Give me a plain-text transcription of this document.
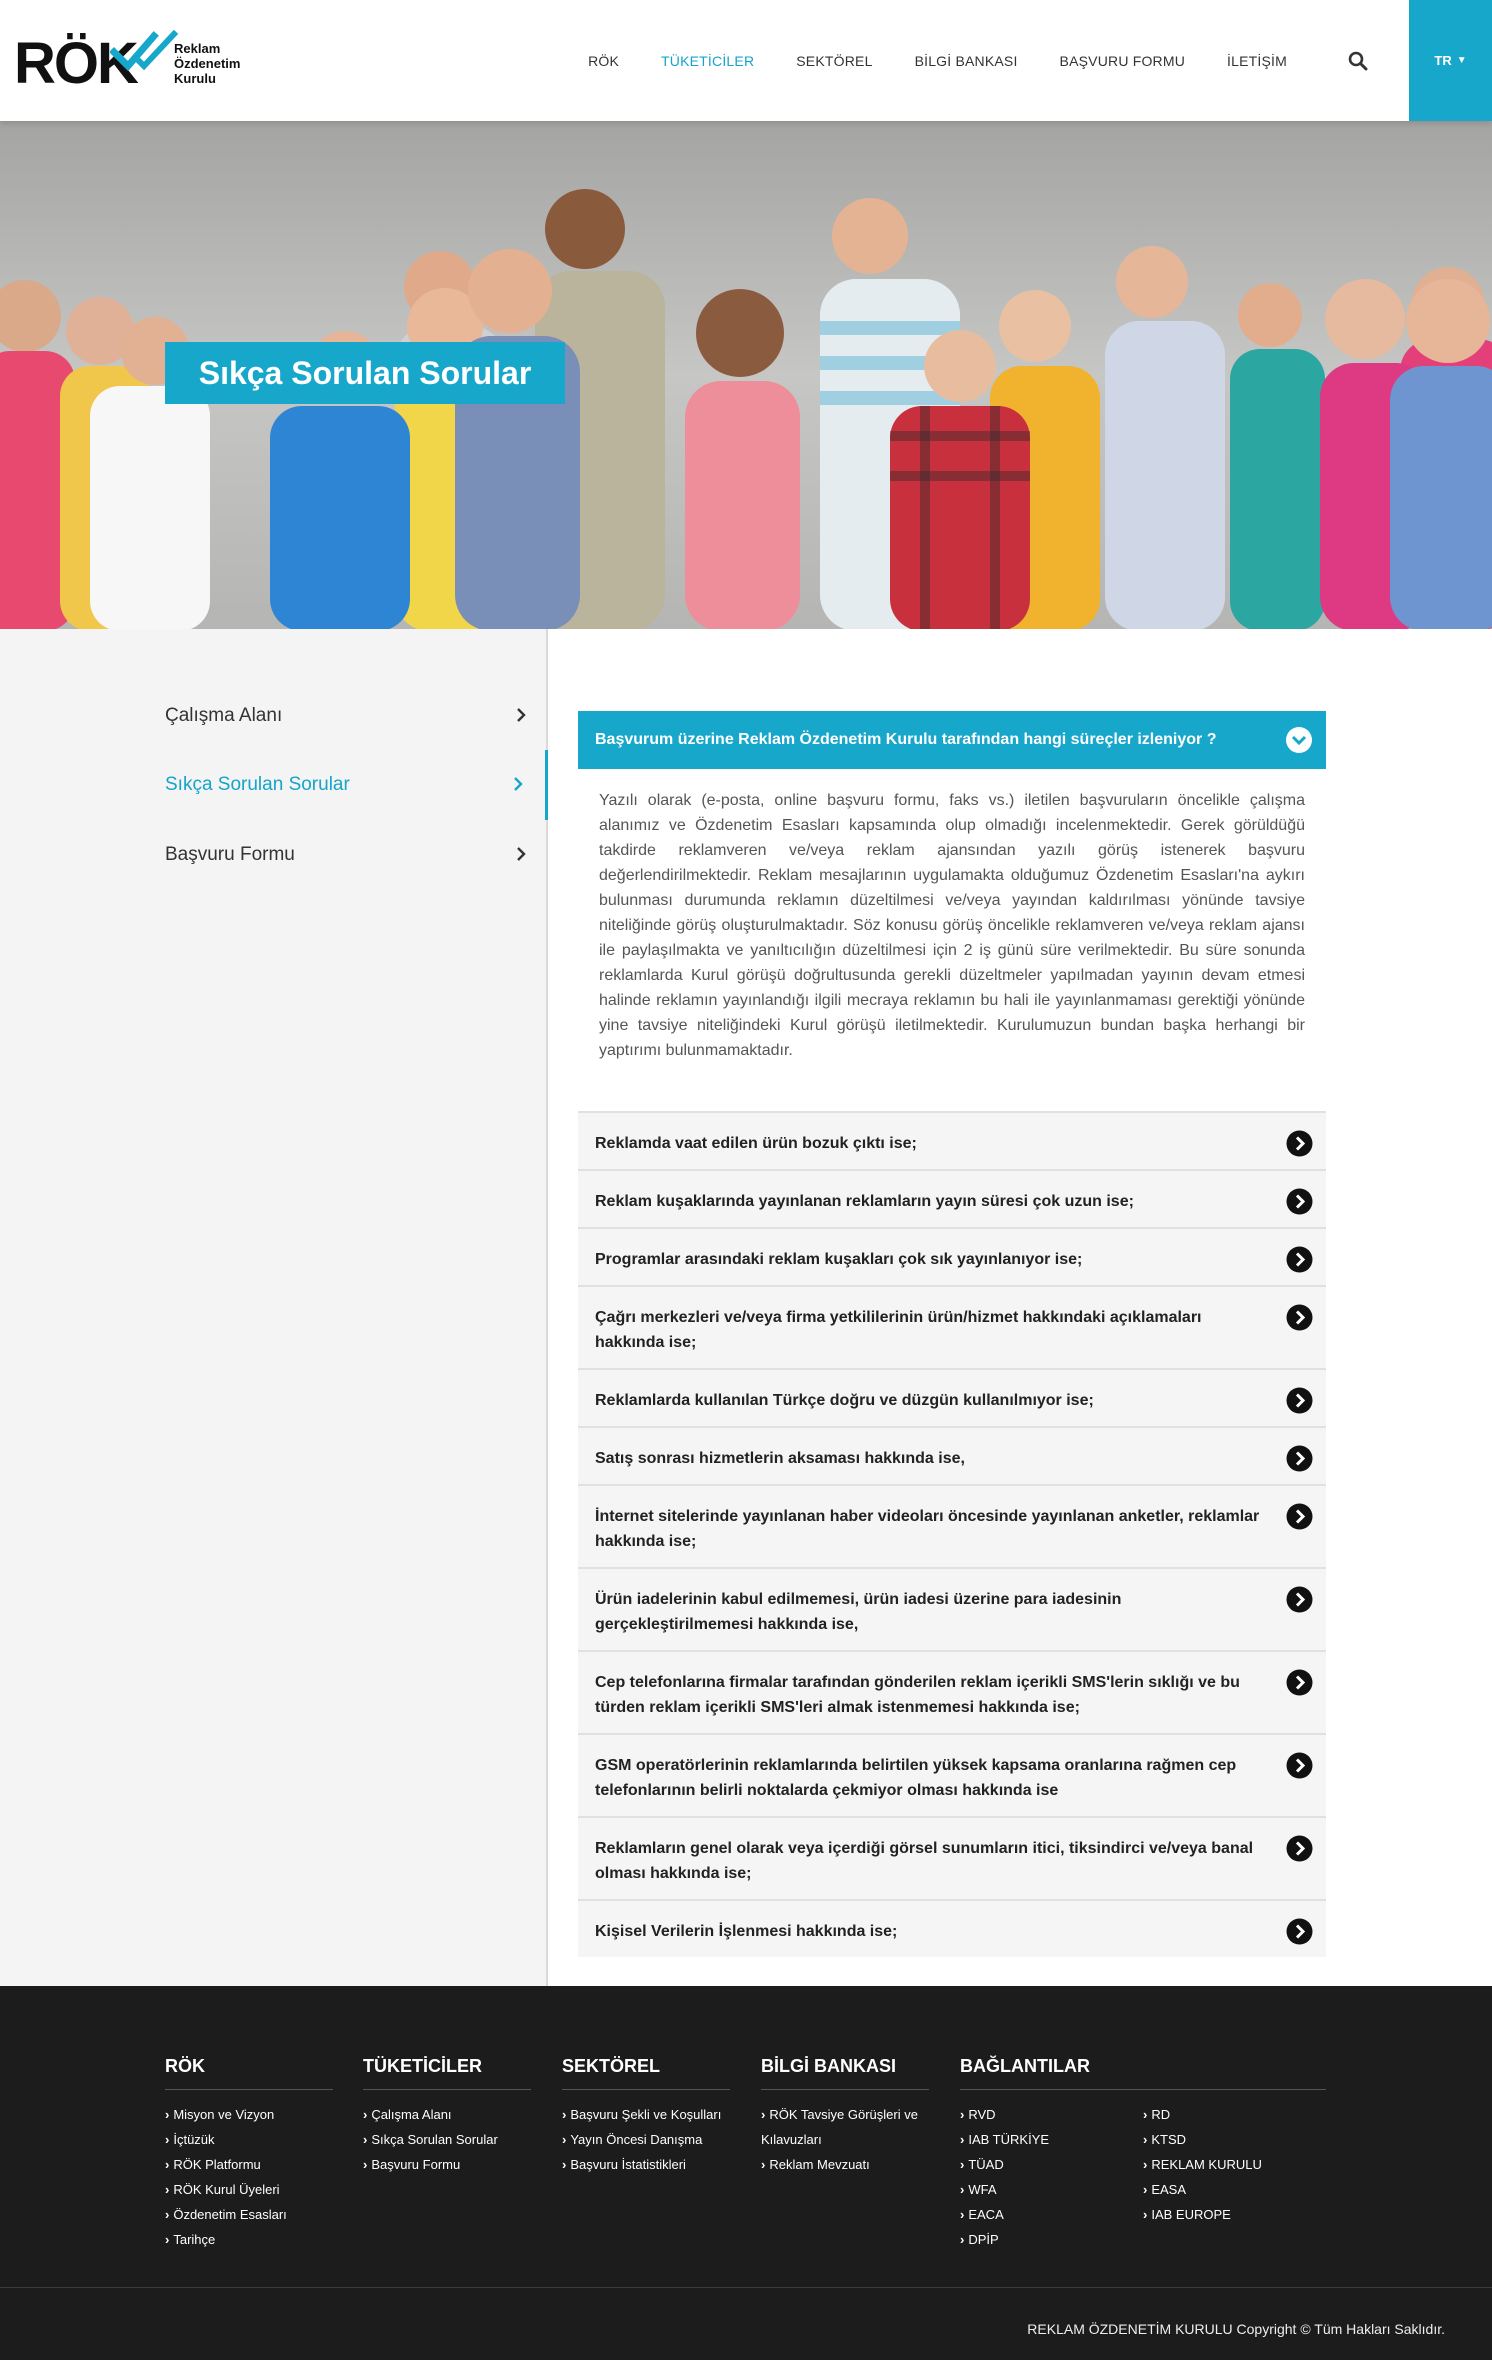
RÖK	Reklam
Özdenetim
Kurulu
RÖK	TÜKETİCİLER	SEKTÖREL	BİLGİ BANKASI	BAŞVURU FORMU	İLETİŞİM	TR ▼
Sıkça Sorulan Sorular
Çalışma Alanı
Sıkça Sorulan Sorular
Başvuru Formu
Başvurum üzerine Reklam Özdenetim Kurulu tarafından hangi süreçler izleniyor ?
Yazılı olarak (e-posta, online başvuru formu, faks vs.) iletilen başvuruların öncelikle çalışma alanımız ve Özdenetim Esasları kapsamında olup olmadığı incelenmektedir. Gerek görüldüğü takdirde reklamveren ve/veya reklam ajansından yazılı görüş istenerek başvuru değerlendirilmektedir. Reklam mesajlarının uygulamakta olduğumuz Özdenetim Esasları'na aykırı bulunması durumunda reklamın düzeltilmesi ve/veya yayından kaldırılması yönünde tavsiye niteliğinde görüş oluşturulmaktadır. Söz konusu görüş öncelikle reklamveren ve/veya reklam ajansı ile paylaşılmakta ve yanıltıcılığın düzeltilmesi için 2 iş günü süre verilmektedir. Bu süre sonunda reklamlarda Kurul görüşü doğrultusunda gerekli düzeltmeler yapılmadan yayının devam etmesi halinde reklamın yayınlandığı ilgili mecraya reklamın bu hali ile yayınlanmaması gerektiği yönünde yine tavsiye niteliğindeki Kurul görüşü iletilmektedir. Kurulumuzun bundan başka herhangi bir yaptırımı bulunmamaktadır.
Reklamda vaat edilen ürün bozuk çıktı ise;
Reklam kuşaklarında yayınlanan reklamların yayın süresi çok uzun ise;
Programlar arasındaki reklam kuşakları çok sık yayınlanıyor ise;
Çağrı merkezleri ve/veya firma yetkililerinin ürün/hizmet hakkındaki açıklamaları hakkında ise;
Reklamlarda kullanılan Türkçe doğru ve düzgün kullanılmıyor ise;
Satış sonrası hizmetlerin aksaması hakkında ise,
İnternet sitelerinde yayınlanan haber videoları öncesinde yayınlanan anketler, reklamlar hakkında ise;
Ürün iadelerinin kabul edilmemesi, ürün iadesi üzerine para iadesinin gerçekleştirilmemesi hakkında ise,
Cep telefonlarına firmalar tarafından gönderilen reklam içerikli SMS'lerin sıklığı ve bu türden reklam içerikli SMS'leri almak istenmemesi hakkında ise;
GSM operatörlerinin reklamlarında belirtilen yüksek kapsama oranlarına rağmen cep telefonlarının belirli noktalarda çekmiyor olması hakkında ise
Reklamların genel olarak veya içerdiği görsel sunumların itici, tiksindirci ve/veya banal olması hakkında ise;
Kişisel Verilerin İşlenmesi hakkında ise;
RÖK
› Misyon ve Vizyon
› İçtüzük
› RÖK Platformu
› RÖK Kurul Üyeleri
› Özdenetim Esasları
› Tarihçe
TÜKETİCİLER
› Çalışma Alanı
› Sıkça Sorulan Sorular
› Başvuru Formu
SEKTÖREL
› Başvuru Şekli ve Koşulları
› Yayın Öncesi Danışma
› Başvuru İstatistikleri
BİLGİ BANKASI
› RÖK Tavsiye Görüşleri ve Kılavuzları
› Reklam Mevzuatı
BAĞLANTILAR
› RVD
› IAB TÜRKİYE
› TÜAD
› WFA
› EACA
› DPİP
› RD
› KTSD
› REKLAM KURULU
› EASA
› IAB EUROPE
REKLAM ÖZDENETİM KURULU Copyright © Tüm Hakları Saklıdır.
